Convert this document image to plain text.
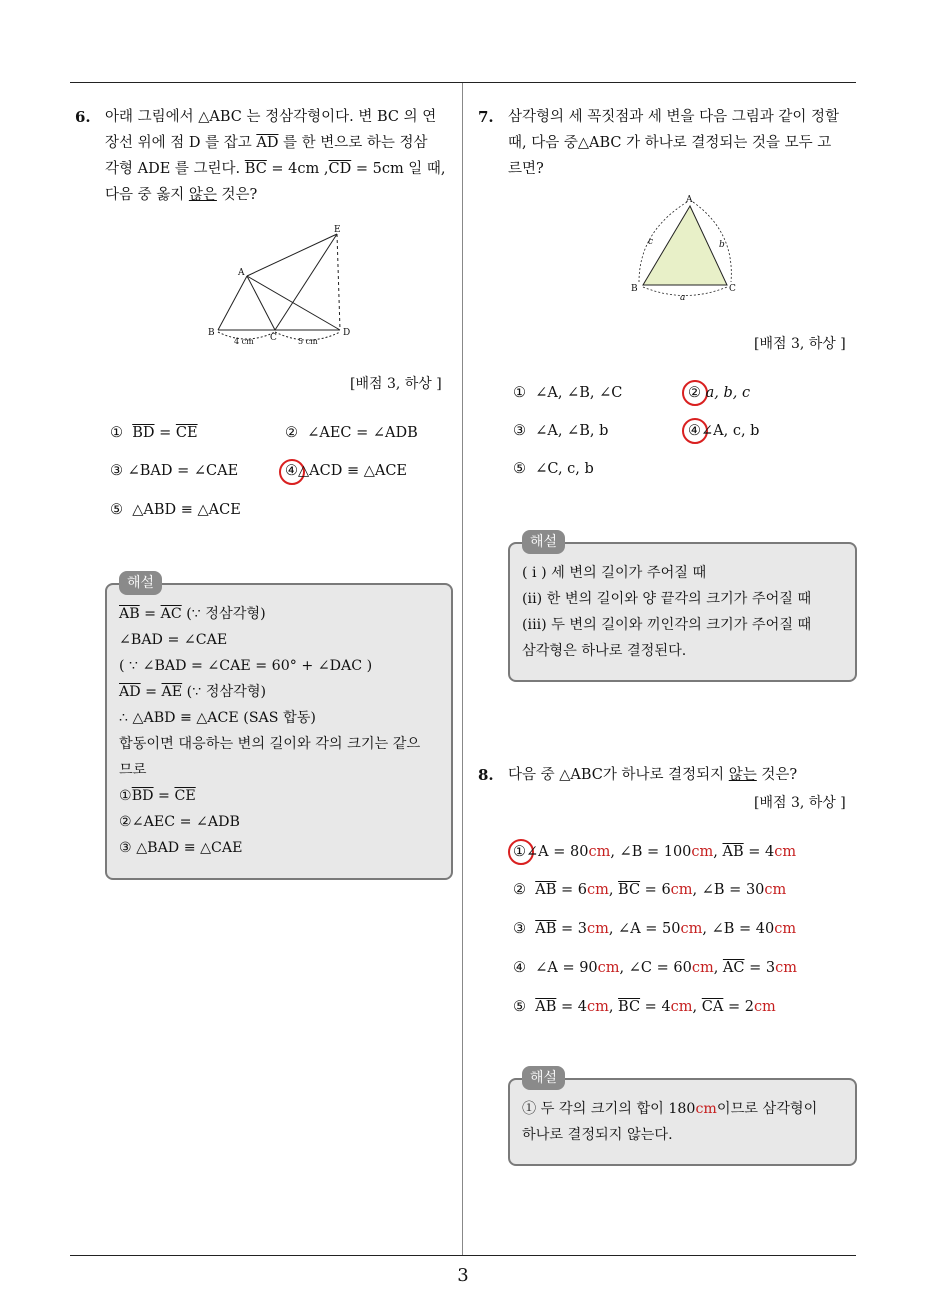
3
6. 아래 그림에서 △ABC 는 정삼각형이다. 변 BC 의 연
장선 위에 점 D 를 잡고 $\overline{AD}$ 를 한 변으로 하는 정삼
각형 ADE 를 그린다. $\overline{BC} = 4cm$ $,\overline{CD} = 5cm$ 일 때,
다음 중 옳지 않은 것은?
E
A
B	C	D
4 cm	5 cm
[배점 3, 하상 ]
① $\overline{BD} = \overline{CE}$	② ∠AEC = ∠ADB
③ ∠BAD = ∠CAE	④△ACD ≡ △ACE
⑤ △ABD ≡ △ACE
해설
$\overline{AB} = \overline{AC}$ (∵ 정삼각형)
∠BAD = ∠CAE
( ∵ ∠BAD = ∠CAE = 60° + ∠DAC )
$\overline{AD} = \overline{AE}$ (∵ 정삼각형)
∴ △ABD ≡ △ACE (SAS 합동)
합동이면 대응하는 변의 길이와 각의 크기는 같으
므로
$①\overline{BD} = \overline{CE}$
②∠AEC = ∠ADB
③ △BAD ≡ △CAE
7. 삼각형의 세 꼭짓점과 세 변을 다음 그림과 같이 정할
때, 다음 중△ABC 가 하나로 결정되는 것을 모두 고
르면?
A
B	C
a
b
c
[배점 3, 하상 ]
① ∠A, ∠B, ∠C	② a, b, c
③ ∠A, ∠B, b	④∠A, c, b
⑤ ∠C, c, b
해설
( i ) 세 변의 길이가 주어질 때
(ii) 한 변의 길이와 양 끝각의 크기가 주어질 때
(iii) 두 변의 길이와 끼인각의 크기가 주어질 때
삼각형은 하나로 결정된다.
8. 다음 중 △ABC가 하나로 결정되지 않는 것은?
[배점 3, 하상 ]
①∠A = 80cm, ∠B = 100cm, $\overline{AB} = 4cm$
② $\overline{AB} = 6cm$, $\overline{BC} = 6cm$, ∠B = 30cm
③ $\overline{AB} = 3cm$, ∠A = 50cm, ∠B = 40cm
④ ∠A = 90cm, ∠C = 60cm, $\overline{AC} = 3cm$
⑤ $\overline{AB} = 4cm$, $\overline{BC} = 4cm$, $\overline{CA} = 2cm$
해설
① 두 각의 크기의 합이 180cm이므로 삼각형이
하나로 결정되지 않는다.
